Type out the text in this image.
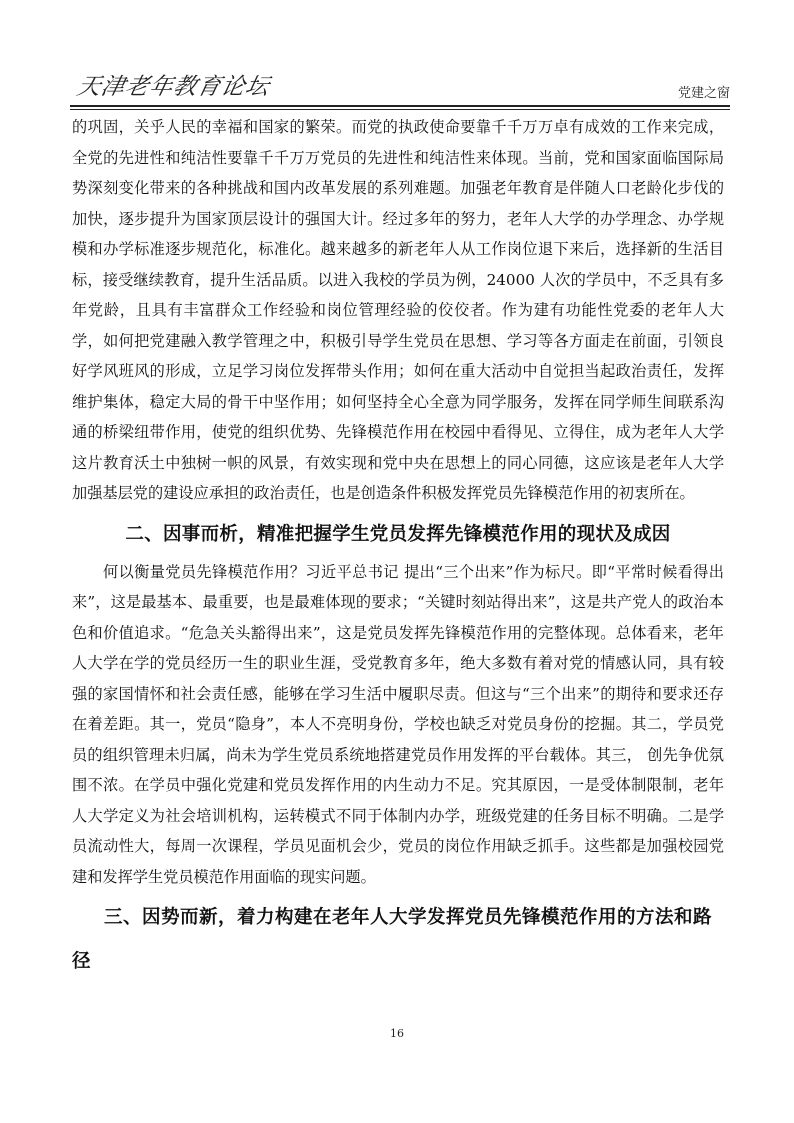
天津老年教育论坛	党建之窗

的巩固，关乎人民的幸福和国家的繁荣。而党的执政使命要靠千千万万卓有成效的工作来完成，全党的先进性和纯洁性要靠千千万万党员的先进性和纯洁性来体现。当前，党和国家面临国际局势深刻变化带来的各种挑战和国内改革发展的系列难题。加强老年教育是伴随人口老龄化步伐的加快，逐步提升为国家顶层设计的强国大计。经过多年的努力，老年人大学的办学理念、办学规模和办学标准逐步规范化，标准化。越来越多的新老年人从工作岗位退下来后，选择新的生活目标，接受继续教育，提升生活品质。以进入我校的学员为例，24000 人次的学员中，不乏具有多年党龄，且具有丰富群众工作经验和岗位管理经验的佼佼者。作为建有功能性党委的老年人大学，如何把党建融入教学管理之中，积极引导学生党员在思想、学习等各方面走在前面，引领良好学风班风的形成，立足学习岗位发挥带头作用；如何在重大活动中自觉担当起政治责任，发挥维护集体，稳定大局的骨干中坚作用；如何坚持全心全意为同学服务，发挥在同学师生间联系沟通的桥梁纽带作用，使党的组织优势、先锋模范作用在校园中看得见、立得住，成为老年人大学这片教育沃土中独树一帜的风景，有效实现和党中央在思想上的同心同德，这应该是老年人大学加强基层党的建设应承担的政治责任，也是创造条件积极发挥党员先锋模范作用的初衷所在。

二、因事而析，精准把握学生党员发挥先锋模范作用的现状及成因

何以衡量党员先锋模范作用？习近平总书记 提出“三个出来”作为标尺。即“平常时候看得出来”，这是最基本、最重要，也是最难体现的要求；“关键时刻站得出来”，这是共产党人的政治本色和价值追求。“危急关头豁得出来”，这是党员发挥先锋模范作用的完整体现。总体看来，老年人大学在学的党员经历一生的职业生涯，受党教育多年，绝大多数有着对党的情感认同，具有较强的家国情怀和社会责任感，能够在学习生活中履职尽责。但这与“三个出来”的期待和要求还存在着差距。其一，党员“隐身”，本人不亮明身份，学校也缺乏对党员身份的挖掘。其二，学员党员的组织管理未归属，尚未为学生党员系统地搭建党员作用发挥的平台载体。其三， 创先争优氛围不浓。在学员中强化党建和党员发挥作用的内生动力不足。究其原因，一是受体制限制，老年人大学定义为社会培训机构，运转模式不同于体制内办学，班级党建的任务目标不明确。二是学员流动性大，每周一次课程，学员见面机会少，党员的岗位作用缺乏抓手。这些都是加强校园党建和发挥学生党员模范作用面临的现实问题。

三、因势而新，着力构建在老年人大学发挥党员先锋模范作用的方法和路径
16
